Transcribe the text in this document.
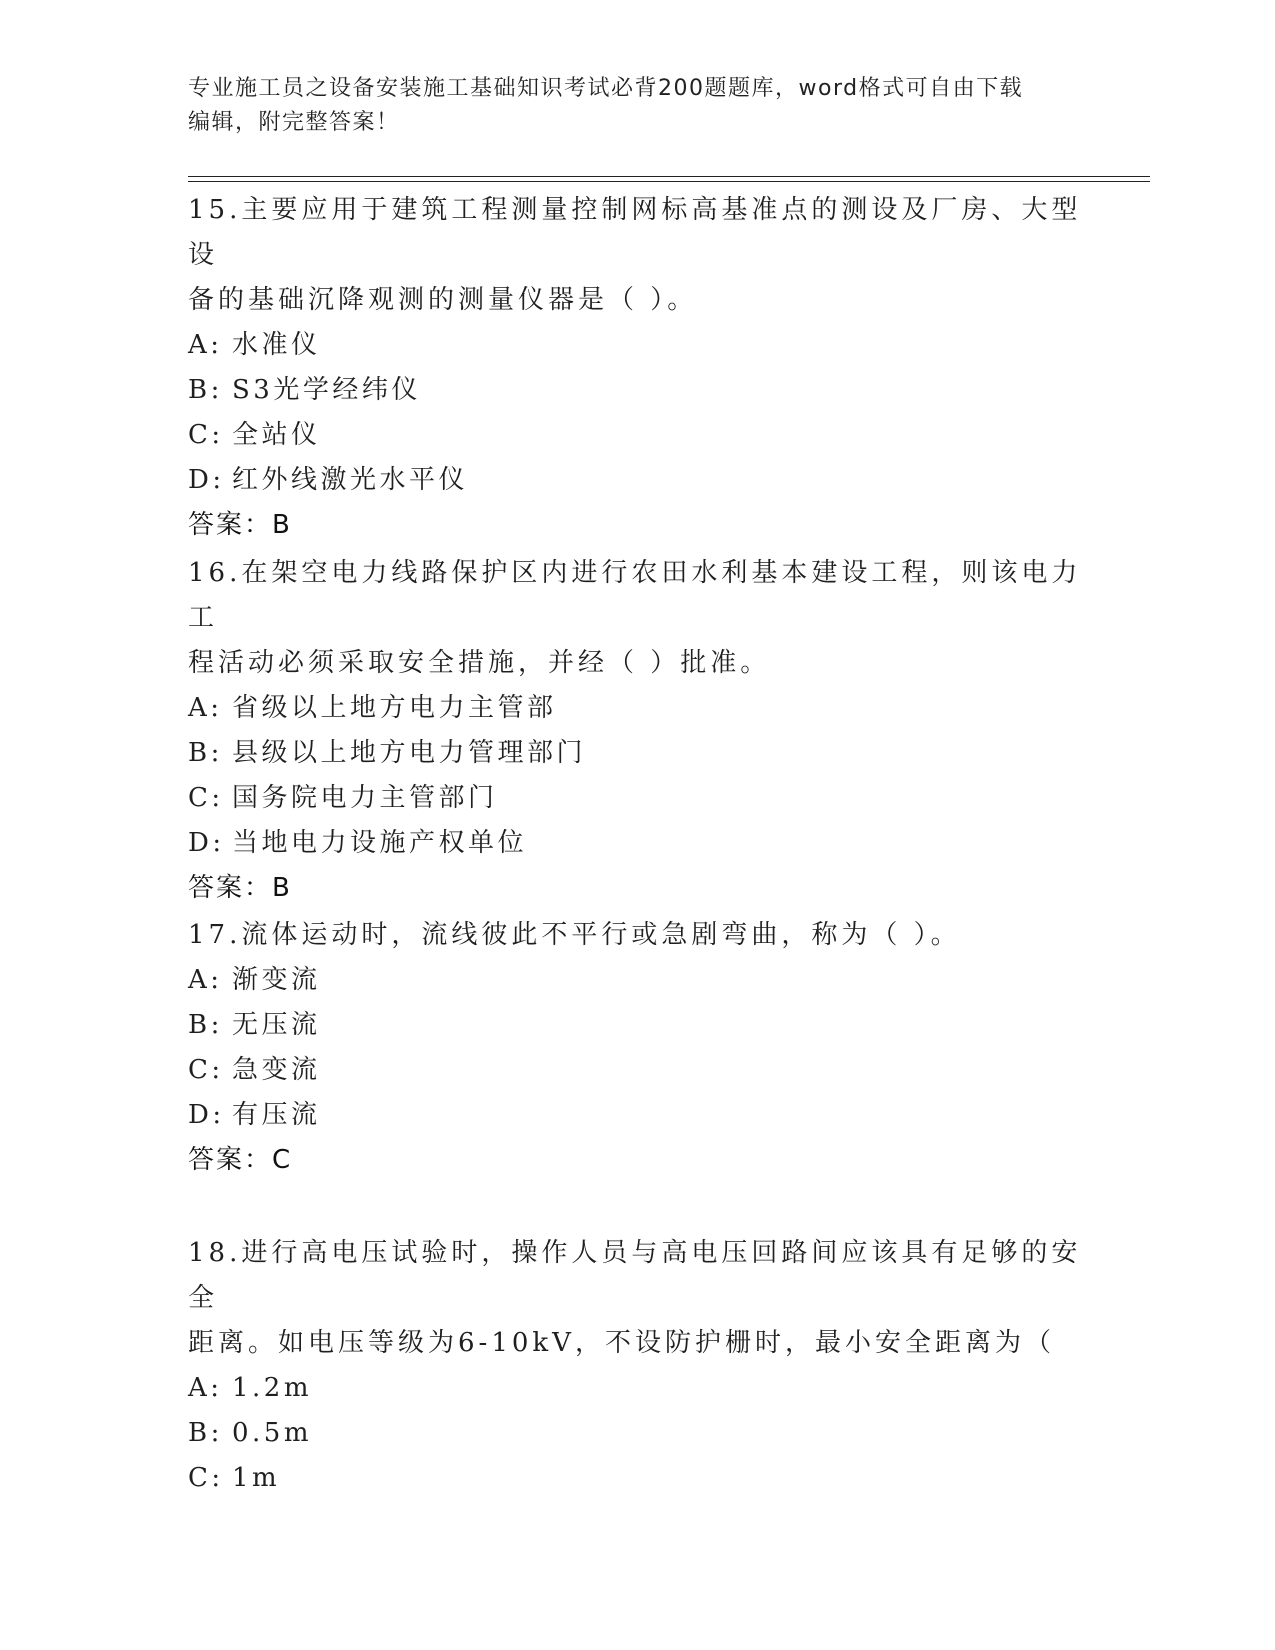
专业施工员之设备安装施工基础知识考试必背200题题库，word格式可自由下载
编辑，附完整答案！

15.主要应用于建筑工程测量控制网标高基准点的测设及厂房、大型设

备的基础沉降观测的测量仪器是（ ）。

A: 水准仪

B: S3光学经纬仪

C: 全站仪

D: 红外线激光水平仪

答案：B

16.在架空电力线路保护区内进行农田水利基本建设工程，则该电力工

程活动必须采取安全措施，并经（ ）批准。

A: 省级以上地方电力主管部

B: 县级以上地方电力管理部门

C: 国务院电力主管部门

D: 当地电力设施产权单位

答案：B

17.流体运动时，流线彼此不平行或急剧弯曲，称为（ ）。

A: 渐变流

B: 无压流

C: 急变流

D: 有压流

答案：C

18.进行高电压试验时，操作人员与高电压回路间应该具有足够的安全

距离。如电压等级为6-10kV，不设防护栅时，最小安全距离为（

A: 1.2m

B: 0.5m

C: 1m
